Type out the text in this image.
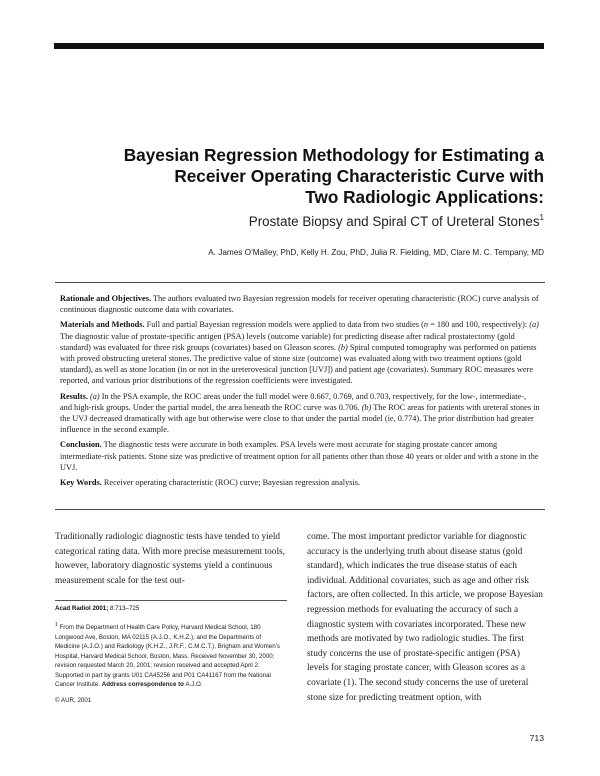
Bayesian Regression Methodology for Estimating a
Receiver Operating Characteristic Curve with
Two Radiologic Applications:
Prostate Biopsy and Spiral CT of Ureteral Stones$^1$
A. James O’Malley, PhD, Kelly H. Zou, PhD, Julia R. Fielding, MD, Clare M. C. Tempany, MD

Rationale and Objectives. The authors evaluated two Bayesian regression models for receiver operating characteristic (ROC) curve analysis of continuous diagnostic outcome data with covariates.

Materials and Methods. Full and partial Bayesian regression models were applied to data from two studies (n = 180 and 100, respectively): (a) The diagnostic value of prostate-specific antigen (PSA) levels (outcome variable) for predicting disease after radical prostatectomy (gold standard) was evaluated for three risk groups (covariates) based on Gleason scores. (b) Spiral computed tomography was performed on patients with proved obstructing ureteral stones. The predictive value of stone size (outcome) was evaluated along with two treatment options (gold standard), as well as stone location (in or not in the ureterovesical junction [UVJ]) and patient age (covariates). Summary ROC measures were reported, and various prior distributions of the regression coefficients were investigated.

Results. (a) In the PSA example, the ROC areas under the full model were 0.667, 0.769, and 0.703, respectively, for the low-, intermediate-, and high-risk groups. Under the partial model, the area beneath the ROC curve was 0.706. (b) The ROC areas for patients with ureteral stones in the UVJ decreased dramatically with age but otherwise were close to that under the partial model (ie, 0.774). The prior distribution had greater influence in the second example.

Conclusion. The diagnostic tests were accurate in both examples. PSA levels were most accurate for staging prostate cancer among intermediate-risk patients. Stone size was predictive of treatment option for all patients other than those 40 years or older and with a stone in the UVJ.

Key Words. Receiver operating characteristic (ROC) curve; Bayesian regression analysis.

Traditionally radiologic diagnostic tests have tended to yield categorical rating data. With more precise measurement tools, however, laboratory diagnostic systems yield a continuous measurement scale for the test out-

Acad Radiol 2001; 8:713–725

$^1$ From the Department of Health Care Policy, Harvard Medical School, 180 Longwood Ave, Boston, MA 02115 (A.J.O., K.H.Z.); and the Departments of Medicine (A.J.O.) and Radiology (K.H.Z., J.R.F., C.M.C.T.), Brigham and Women’s Hospital, Harvard Medical School, Boston, Mass. Received November 30, 2000; revision requested March 20, 2001; revision received and accepted April 2. Supported in part by grants U01 CA45256 and P01 CA41167 from the National Cancer Institute. Address correspondence to A.J.O.

© AUR, 2001

come. The most important predictor variable for diagnostic accuracy is the underlying truth about disease status (gold standard), which indicates the true disease status of each individual. Additional covariates, such as age and other risk factors, are often collected. In this article, we propose Bayesian regression methods for evaluating the accuracy of such a diagnostic system with covariates incorporated. These new methods are motivated by two radiologic studies. The first study concerns the use of prostate-specific antigen (PSA) levels for staging prostate cancer, with Gleason scores as a covariate (1). The second study concerns the use of ureteral stone size for predicting treatment option, with

713
